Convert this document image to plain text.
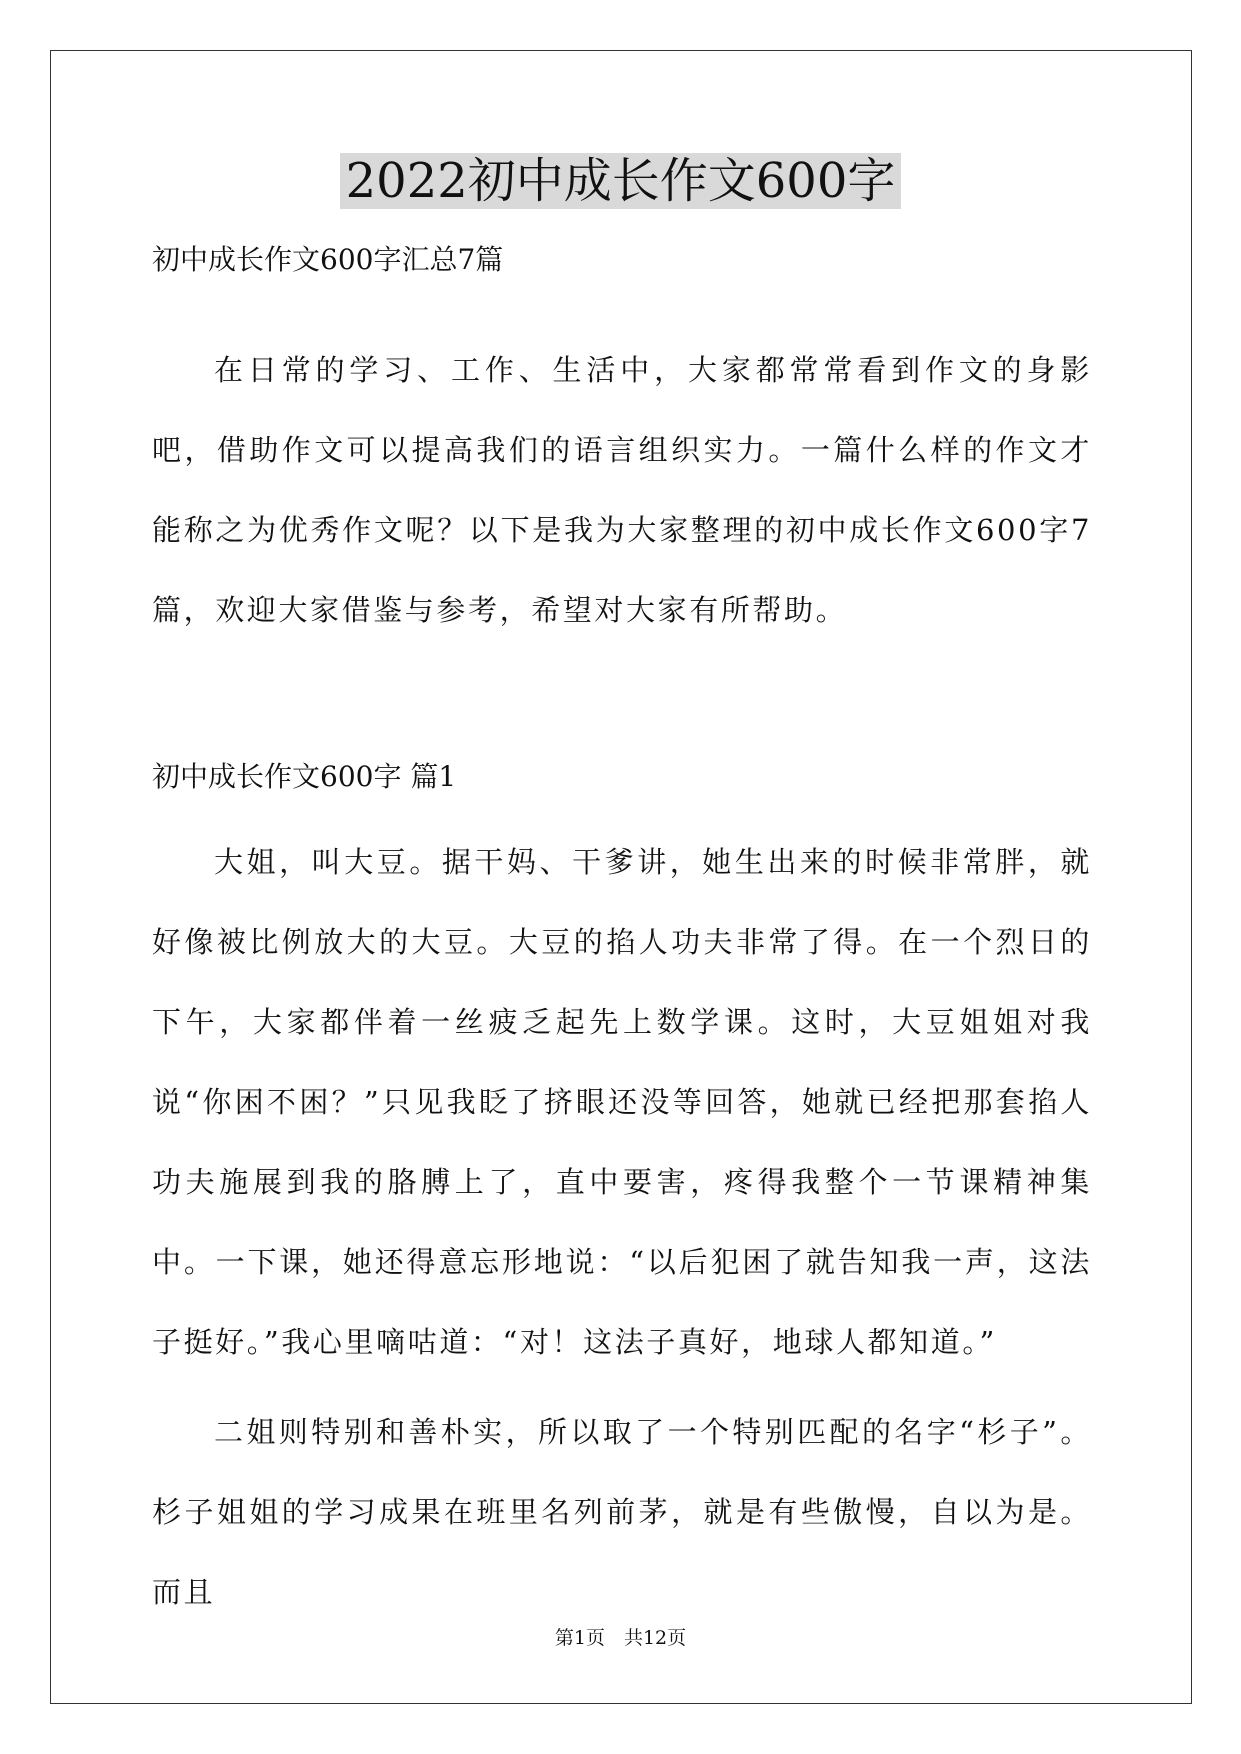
2022初中成长作文600字

初中成长作文600字汇总7篇

在日常的学习、工作、生活中，大家都常常看到作文的身影吧，借助作文可以提高我们的语言组织实力。一篇什么样的作文才能称之为优秀作文呢？以下是我为大家整理的初中成长作文600字7篇，欢迎大家借鉴与参考，希望对大家有所帮助。

初中成长作文600字 篇1

大姐，叫大豆。据干妈、干爹讲，她生出来的时候非常胖，就好像被比例放大的大豆。大豆的掐人功夫非常了得。在一个烈日的下午，大家都伴着一丝疲乏起先上数学课。这时，大豆姐姐对我说“你困不困？”只见我眨了挤眼还没等回答，她就已经把那套掐人功夫施展到我的胳膊上了，直中要害，疼得我整个一节课精神集中。一下课，她还得意忘形地说：“以后犯困了就告知我一声，这法子挺好。”我心里嘀咕道：“对！这法子真好，地球人都知道。”

二姐则特别和善朴实，所以取了一个特别匹配的名字“杉子”。杉子姐姐的学习成果在班里名列前茅，就是有些傲慢，自以为是。而且

第1页　共12页
